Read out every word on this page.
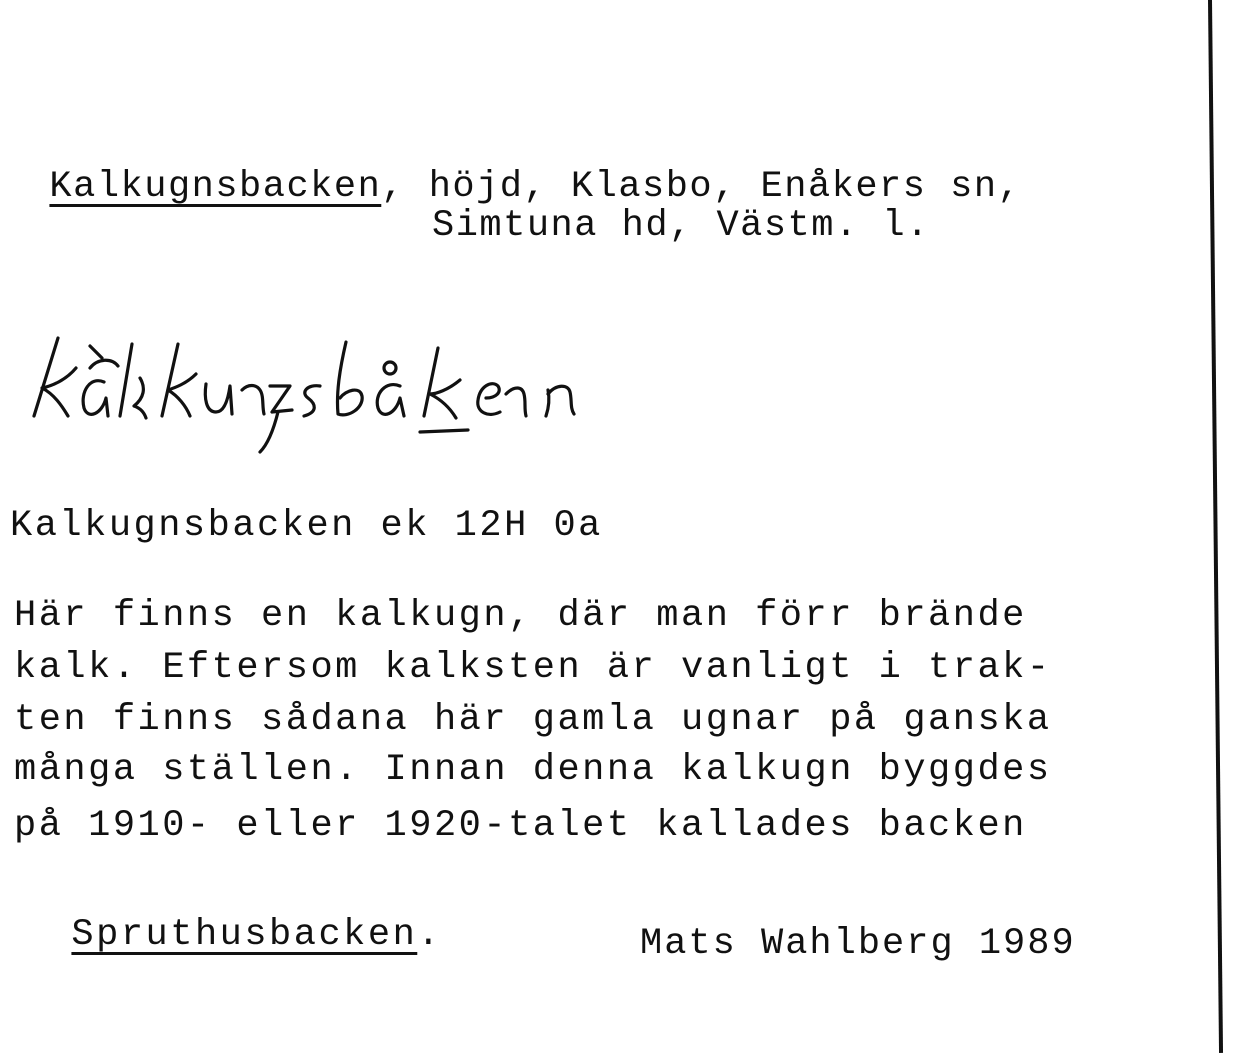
Kalkugnsbacken, höjd, Klasbo, Enåkers sn,

Simtuna hd, Västm. l.
Kalkugnsbacken ek 12H 0a
Här finns en kalkugn, där man förr brände
kalk. Eftersom kalksten är vanligt i trak-
ten finns sådana här gamla ugnar på ganska
många ställen. Innan denna kalkugn byggdes
på 1910- eller 1920-talet kallades backen

Spruthusbacken.	Mats Wahlberg 1989
